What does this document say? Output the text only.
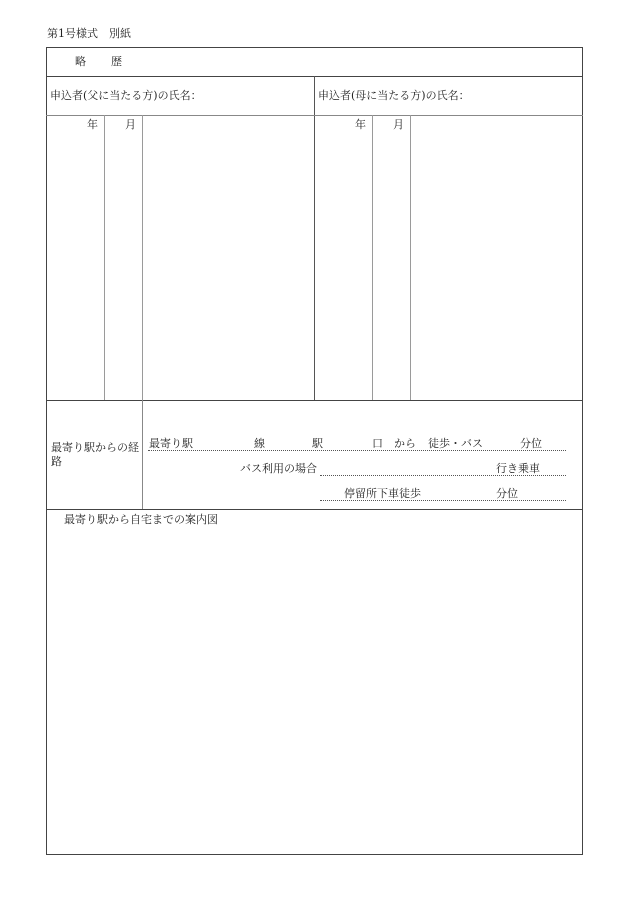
第1号様式　別紙
略　　歴
申込者(父に当たる方)の氏名：	申込者(母に当たる方)の氏名：
年 月	年 月
最寄り駅からの経路
最寄り駅	線	駅	口 から 徒歩・バス	分位
バス利用の場合	行き乗車
停留所下車徒歩	分位
最寄り駅から自宅までの案内図
